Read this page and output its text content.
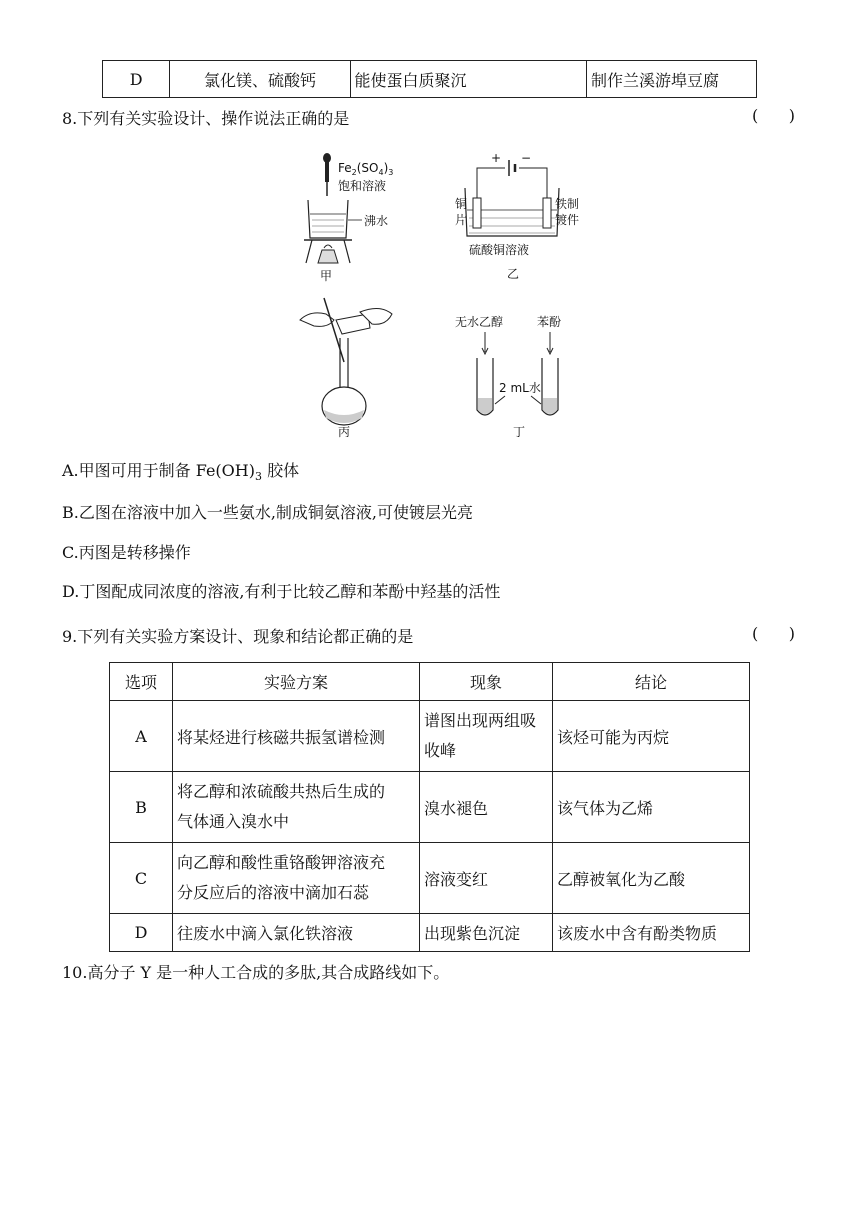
D	氯化镁、硫酸钙	能使蛋白质聚沉	制作兰溪游埠豆腐
8.下列有关实验设计、操作说法正确的是	(      )
$Fe_2(SO_4)_3$
饱和溶液
沸水
甲
+ −
铜
片
铁制
镀件
硫酸铜溶液
乙
丙
无水乙醇	苯酚
2 mL水
丁
A.甲图可用于制备 $Fe(OH)_3$ 胶体
B.乙图在溶液中加入一些氨水,制成铜氨溶液,可使镀层光亮
C.丙图是转移操作
D.丁图配成同浓度的溶液,有利于比较乙醇和苯酚中羟基的活性
9.下列有关实验方案设计、现象和结论都正确的是	(      )
选项	实验方案	现象	结论
A	将某烃进行核磁共振氢谱检测	谱图出现两组吸
收峰	该烃可能为丙烷
B	将乙醇和浓硫酸共热后生成的
气体通入溴水中	溴水褪色	该气体为乙烯
C	向乙醇和酸性重铬酸钾溶液充
分反应后的溶液中滴加石蕊	溶液变红	乙醇被氧化为乙酸
D	往废水中滴入氯化铁溶液	出现紫色沉淀	该废水中含有酚类物质
10.高分子 Y 是一种人工合成的多肽,其合成路线如下。
